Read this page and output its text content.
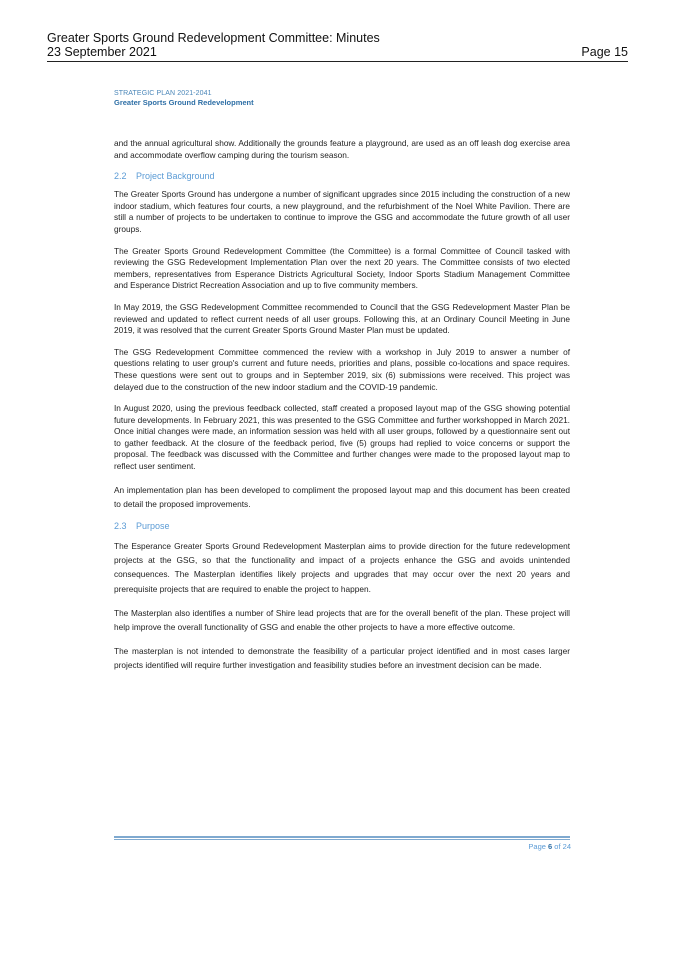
Greater Sports Ground Redevelopment Committee: Minutes
23 September 2021	Page 15
STRATEGIC PLAN 2021-2041
Greater Sports Ground Redevelopment

and the annual agricultural show. Additionally the grounds feature a playground, are used as an off leash dog exercise area and accommodate overflow camping during the tourism season.

2.2 Project Background

The Greater Sports Ground has undergone a number of significant upgrades since 2015 including the construction of a new indoor stadium, which features four courts, a new playground, and the refurbishment of the Noel White Pavilion. There are still a number of projects to be undertaken to continue to improve the GSG and accommodate the future growth of all user groups.

The Greater Sports Ground Redevelopment Committee (the Committee) is a formal Committee of Council tasked with reviewing the GSG Redevelopment Implementation Plan over the next 20 years. The Committee consists of two elected members, representatives from Esperance Districts Agricultural Society, Indoor Sports Stadium Management Committee and Esperance District Recreation Association and up to five community members.

In May 2019, the GSG Redevelopment Committee recommended to Council that the GSG Redevelopment Master Plan be reviewed and updated to reflect current needs of all user groups. Following this, at an Ordinary Council Meeting in June 2019, it was resolved that the current Greater Sports Ground Master Plan must be updated.

The GSG Redevelopment Committee commenced the review with a workshop in July 2019 to answer a number of questions relating to user group's current and future needs, priorities and plans, possible co-locations and space requires. These questions were sent out to groups and in September 2019, six (6) submissions were received. This project was delayed due to the construction of the new indoor stadium and the COVID-19 pandemic.

In August 2020, using the previous feedback collected, staff created a proposed layout map of the GSG showing potential future developments. In February 2021, this was presented to the GSG Committee and further workshopped in March 2021. Once initial changes were made, an information session was held with all user groups, followed by a questionnaire sent out to gather feedback. At the closure of the feedback period, five (5) groups had replied to voice concerns or support the proposal. The feedback was discussed with the Committee and further changes were made to the proposed layout map to reflect user sentiment.

An implementation plan has been developed to compliment the proposed layout map and this document has been created to detail the proposed improvements.

2.3 Purpose

The Esperance Greater Sports Ground Redevelopment Masterplan aims to provide direction for the future redevelopment projects at the GSG, so that the functionality and impact of a projects enhance the GSG and avoids unintended consequences. The Masterplan identifies likely projects and upgrades that may occur over the next 20 years and prerequisite projects that are required to enable the project to happen.

The Masterplan also identifies a number of Shire lead projects that are for the overall benefit of the plan. These project will help improve the overall functionality of GSG and enable the other projects to have a more effective outcome.

The masterplan is not intended to demonstrate the feasibility of a particular project identified and in most cases larger projects identified will require further investigation and feasibility studies before an investment decision can be made.

Page 6 of 24
